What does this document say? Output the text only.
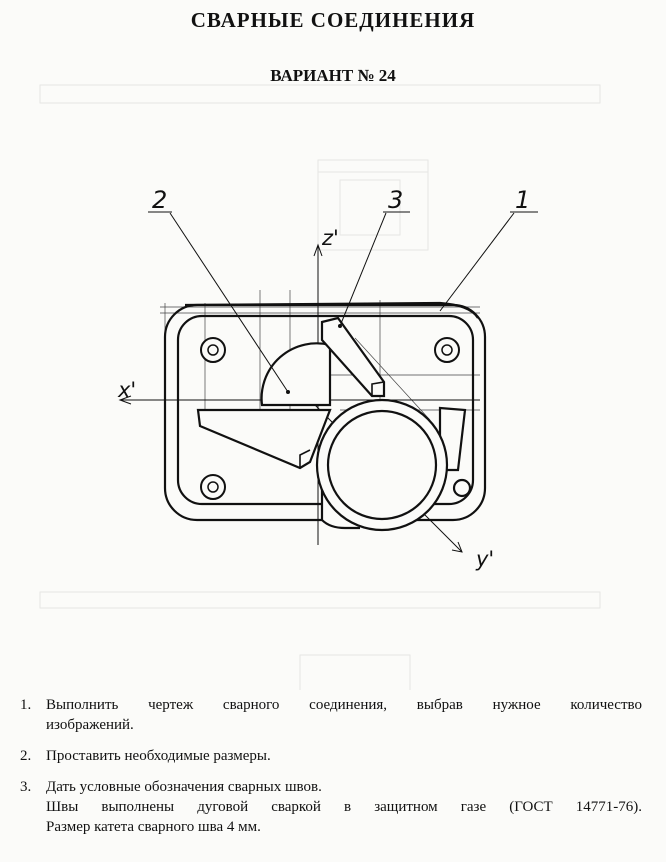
СВАРНЫЕ СОЕДИНЕНИЯ
ВАРИАНТ № 24
2	3	1
z'
x'
y'
1. Выполнить чертеж сварного соединения, выбрав нужное количество
изображений.
2. Проставить необходимые размеры.
3. Дать условные обозначения сварных швов.
Швы выполнены дуговой сваркой в защитном газе (ГОСТ 14771-76).
Размер катета сварного шва 4 мм.
